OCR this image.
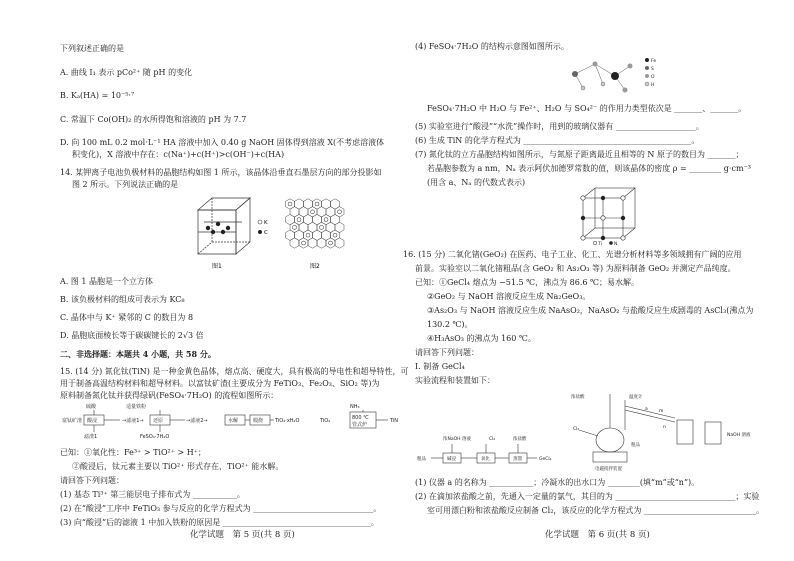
下列叙述正确的是
A. 曲线 I₁ 表示 pCo²⁺ 随 pH 的变化
B. Kₐ(HA) = 10⁻⁵·⁷
C. 常温下 Co(OH)₂ 的水所得饱和溶液的 pH 为 7.7
D. 向 100 mL 0.2 mol·L⁻¹ HA 溶液中加入 0.40 g NaOH 固体得到溶液 X(不考虑溶液体
积变化)，X 溶液中存在：c(Na⁺)+c(H⁺)>c(OH⁻)+c(HA)
14. 某钾离子电池负极材料的晶胞结构如图 1 所示，该晶体沿垂直石墨层方向的部分投影如
图 2 所示。下列说法正确的是
图1
K
C
图2
A. 图 1 晶胞是一个立方体
B. 该负极材料的组成可表示为 KC₈
C. 晶体中与 K⁺ 紧邻的 C 的数目为 8
D. 晶胞底面棱长等于碳碳键长的 2√3 倍
二、非选择题：本题共 4 小题，共 58 分。
15. (14 分) 氮化钛(TiN) 是一种金黄色晶体，熔点高、硬度大，具有极高的导电性和超导特性，可
用于制备高温结构材料和超导材料。以富钛矿渣(主要成分为 FeTiO₃、Fe₂O₃、SiO₂ 等)为
原料制备氮化钛并获得绿矾(FeSO₄·7H₂O) 的流程如图所示：
硫酸	适量铁粉	NH₃
富钛矿渣	→滤液1→
滤渣1	FeSO₄·7H₂O
TiO₂·xH₂O	TiO₂	TiN
酸浸	还原	→滤液2→	水解	煅烧	800 ℃
管式炉
已知：①氧化性：Fe³⁺ > TiO²⁺ > H⁺；
②酸浸后，钛元素主要以 TiO²⁺ 形式存在，TiO²⁺ 能水解。
请回答下列问题：
(1) 基态 Ti³⁺ 第三能层电子排布式为 ___________。
(2) 在“酸浸”工序中 FeTiO₃ 参与反应的化学方程式为 ______________________________。
(3) 向“酸浸”后的滤液 1 中加入铁粉的原因是 _____________________________________。
化学试题　第 5 页(共 8 页)
(4) FeSO₄·7H₂O 的结构示意图如图所示。
Fe
S
O
H
FeSO₄·7H₂O 中 H₂O 与 Fe²⁺、H₂O 与 SO₄²⁻ 的作用力类型依次是 _______、_______。
(5) 实验室进行“酸浸”“水洗”操作时，用到的玻璃仪器有 ____________________。
(6) 生成 TiN 的化学方程式为 __________________________________________。
(7) 氮化钛的立方晶胞结构如图所示，与氮原子距离最近且相等的 N 原子的数目为 _______；
若晶胞参数为 a nm，Nₐ 表示阿伏加德罗常数的值，则该晶体的密度 ρ = ________ g·cm⁻³
(用含 a、Nₐ 的代数式表示)
Ti	N
16. (15 分) 二氧化锗(GeO₂) 在医药、电子工业、化工、光谱分析材料等多领域拥有广阔的应用
前景。实验室以二氧化锗粗品(含 GeO₂ 和 As₂O₃ 等) 为原料制备 GeO₂ 并测定产品纯度。
已知：①GeCl₄ 熔点为 −51.5 ℃，沸点为 86.6 ℃；易水解。
②GeO₂ 与 NaOH 溶液反应生成 Na₂GeO₃。
③As₂O₃ 与 NaOH 溶液反应生成 NaAsO₂，NaAsO₂ 与盐酸反应生成剧毒的 AsCl₃(沸点为
130.2 ℃)。
④H₃AsO₃ 的沸点为 160 ℃。
请回答下列问题：
Ⅰ. 制备 GeCl₄
实验流程和装置如下：
浓NaOH 溶液	Cl₂	浓盐酸
粗品	碱浸	氧化	蒸馏	GeCl₄
浓盐酸	温度计
Cl₂
a m
n
粗品
电磁搅拌装置
NaOH 溶液
(1) 仪器 a 的名称为 ___________；冷凝水的出水口为 ________(填“m”或“n”)。
(2) 在滴加浓盐酸之前，先通入一定量的氯气，其目的为 ______________________________；实验
室可用漂白粉和浓盐酸反应制备 Cl₂，该反应的化学方程式为 ____________________________。
化学试题　第 6 页(共 8 页)
